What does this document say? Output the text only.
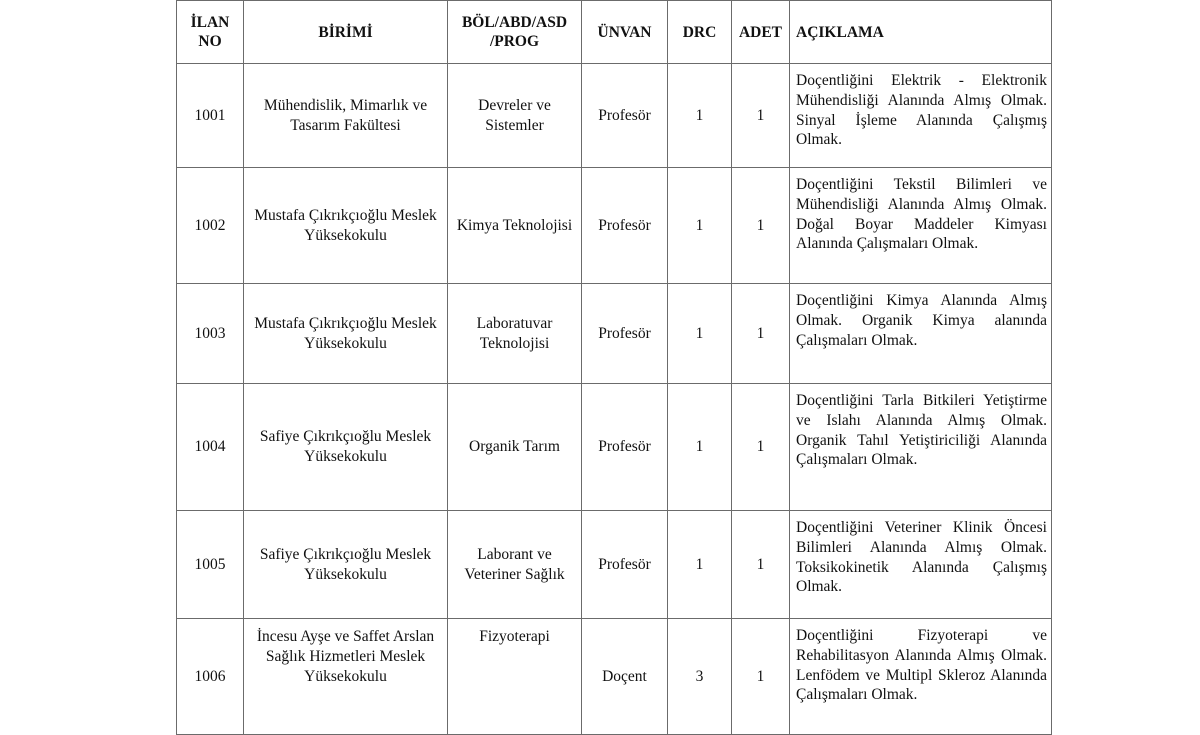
İLAN NO	BİRİMİ	BÖL/ABD/ASD /PROG	ÜNVAN	DRC	ADET	AÇIKLAMA
1001	Mühendislik, Mimarlık ve Tasarım Fakültesi	Devreler ve Sistemler	Profesör	1	1	Doçentliğini Elektrik - Elektronik Mühendisliği Alanında Almış Olmak. Sinyal İşleme Alanında Çalışmış Olmak.
1002	Mustafa Çıkrıkçıoğlu Meslek Yüksekokulu	Kimya Teknolojisi	Profesör	1	1	Doçentliğini Tekstil Bilimleri ve Mühendisliği Alanında Almış Olmak. Doğal Boyar Maddeler Kimyası Alanında Çalışmaları Olmak.
1003	Mustafa Çıkrıkçıoğlu Meslek Yüksekokulu	Laboratuvar Teknolojisi	Profesör	1	1	Doçentliğini Kimya Alanında Almış Olmak. Organik Kimya alanında Çalışmaları Olmak.
1004	Safiye Çıkrıkçıoğlu Meslek Yüksekokulu	Organik Tarım	Profesör	1	1	Doçentliğini Tarla Bitkileri Yetiştirme ve Islahı Alanında Almış Olmak. Organik Tahıl Yetiştiriciliği Alanında Çalışmaları Olmak.
1005	Safiye Çıkrıkçıoğlu Meslek Yüksekokulu	Laborant ve Veteriner Sağlık	Profesör	1	1	Doçentliğini Veteriner Klinik Öncesi Bilimleri Alanında Almış Olmak. Toksikokinetik Alanında Çalışmış Olmak.
1006	İncesu Ayşe ve Saffet Arslan Sağlık Hizmetleri Meslek Yüksekokulu	Fizyoterapi	Doçent	3	1	Doçentliğini Fizyoterapi ve Rehabilitasyon Alanında Almış Olmak. Lenfödem ve Multipl Skleroz Alanında Çalışmaları Olmak.
